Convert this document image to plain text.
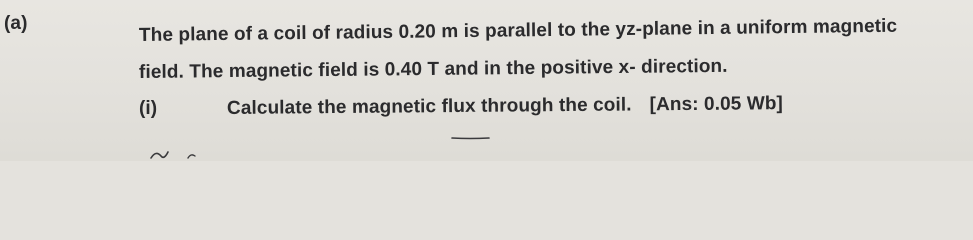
(a)	The plane of a coil of radius 0.20 m is parallel to the yz-plane in a uniform magnetic
field. The magnetic field is 0.40 T and in the positive x- direction.
(i)	Calculate the magnetic flux through the coil. [Ans: 0.05 Wb]
